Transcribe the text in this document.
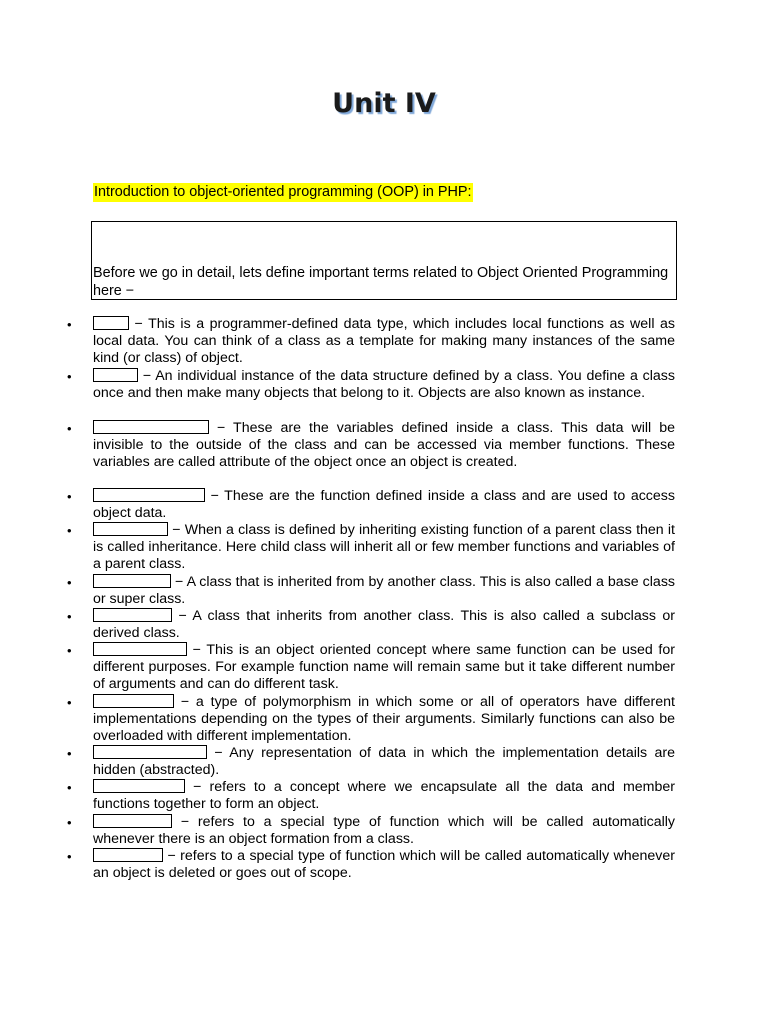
Unit IV
Introduction to object-oriented programming (OOP) in PHP:
Before we go in detail, lets define important terms related to Object Oriented Programming here −
•	− This is a programmer-defined data type, which includes local functions as well as local data. You can think of a class as a template for making many instances of the same kind (or class) of object.
•	− An individual instance of the data structure defined by a class. You define a class once and then make many objects that belong to it. Objects are also known as instance.
•	− These are the variables defined inside a class. This data will be invisible to the outside of the class and can be accessed via member functions. These variables are called attribute of the object once an object is created.
•	− These are the function defined inside a class and are used to access object data.
•	− When a class is defined by inheriting existing function of a parent class then it is called inheritance. Here child class will inherit all or few member functions and variables of a parent class.
•	− A class that is inherited from by another class. This is also called a base class or super class.
•	− A class that inherits from another class. This is also called a subclass or derived class.
•	− This is an object oriented concept where same function can be used for different purposes. For example function name will remain same but it take different number of arguments and can do different task.
•	− a type of polymorphism in which some or all of operators have different implementations depending on the types of their arguments. Similarly functions can also be overloaded with different implementation.
•	− Any representation of data in which the implementation details are hidden (abstracted).
•	− refers to a concept where we encapsulate all the data and member functions together to form an object.
•	− refers to a special type of function which will be called automatically whenever there is an object formation from a class.
•	− refers to a special type of function which will be called automatically whenever an object is deleted or goes out of scope.
